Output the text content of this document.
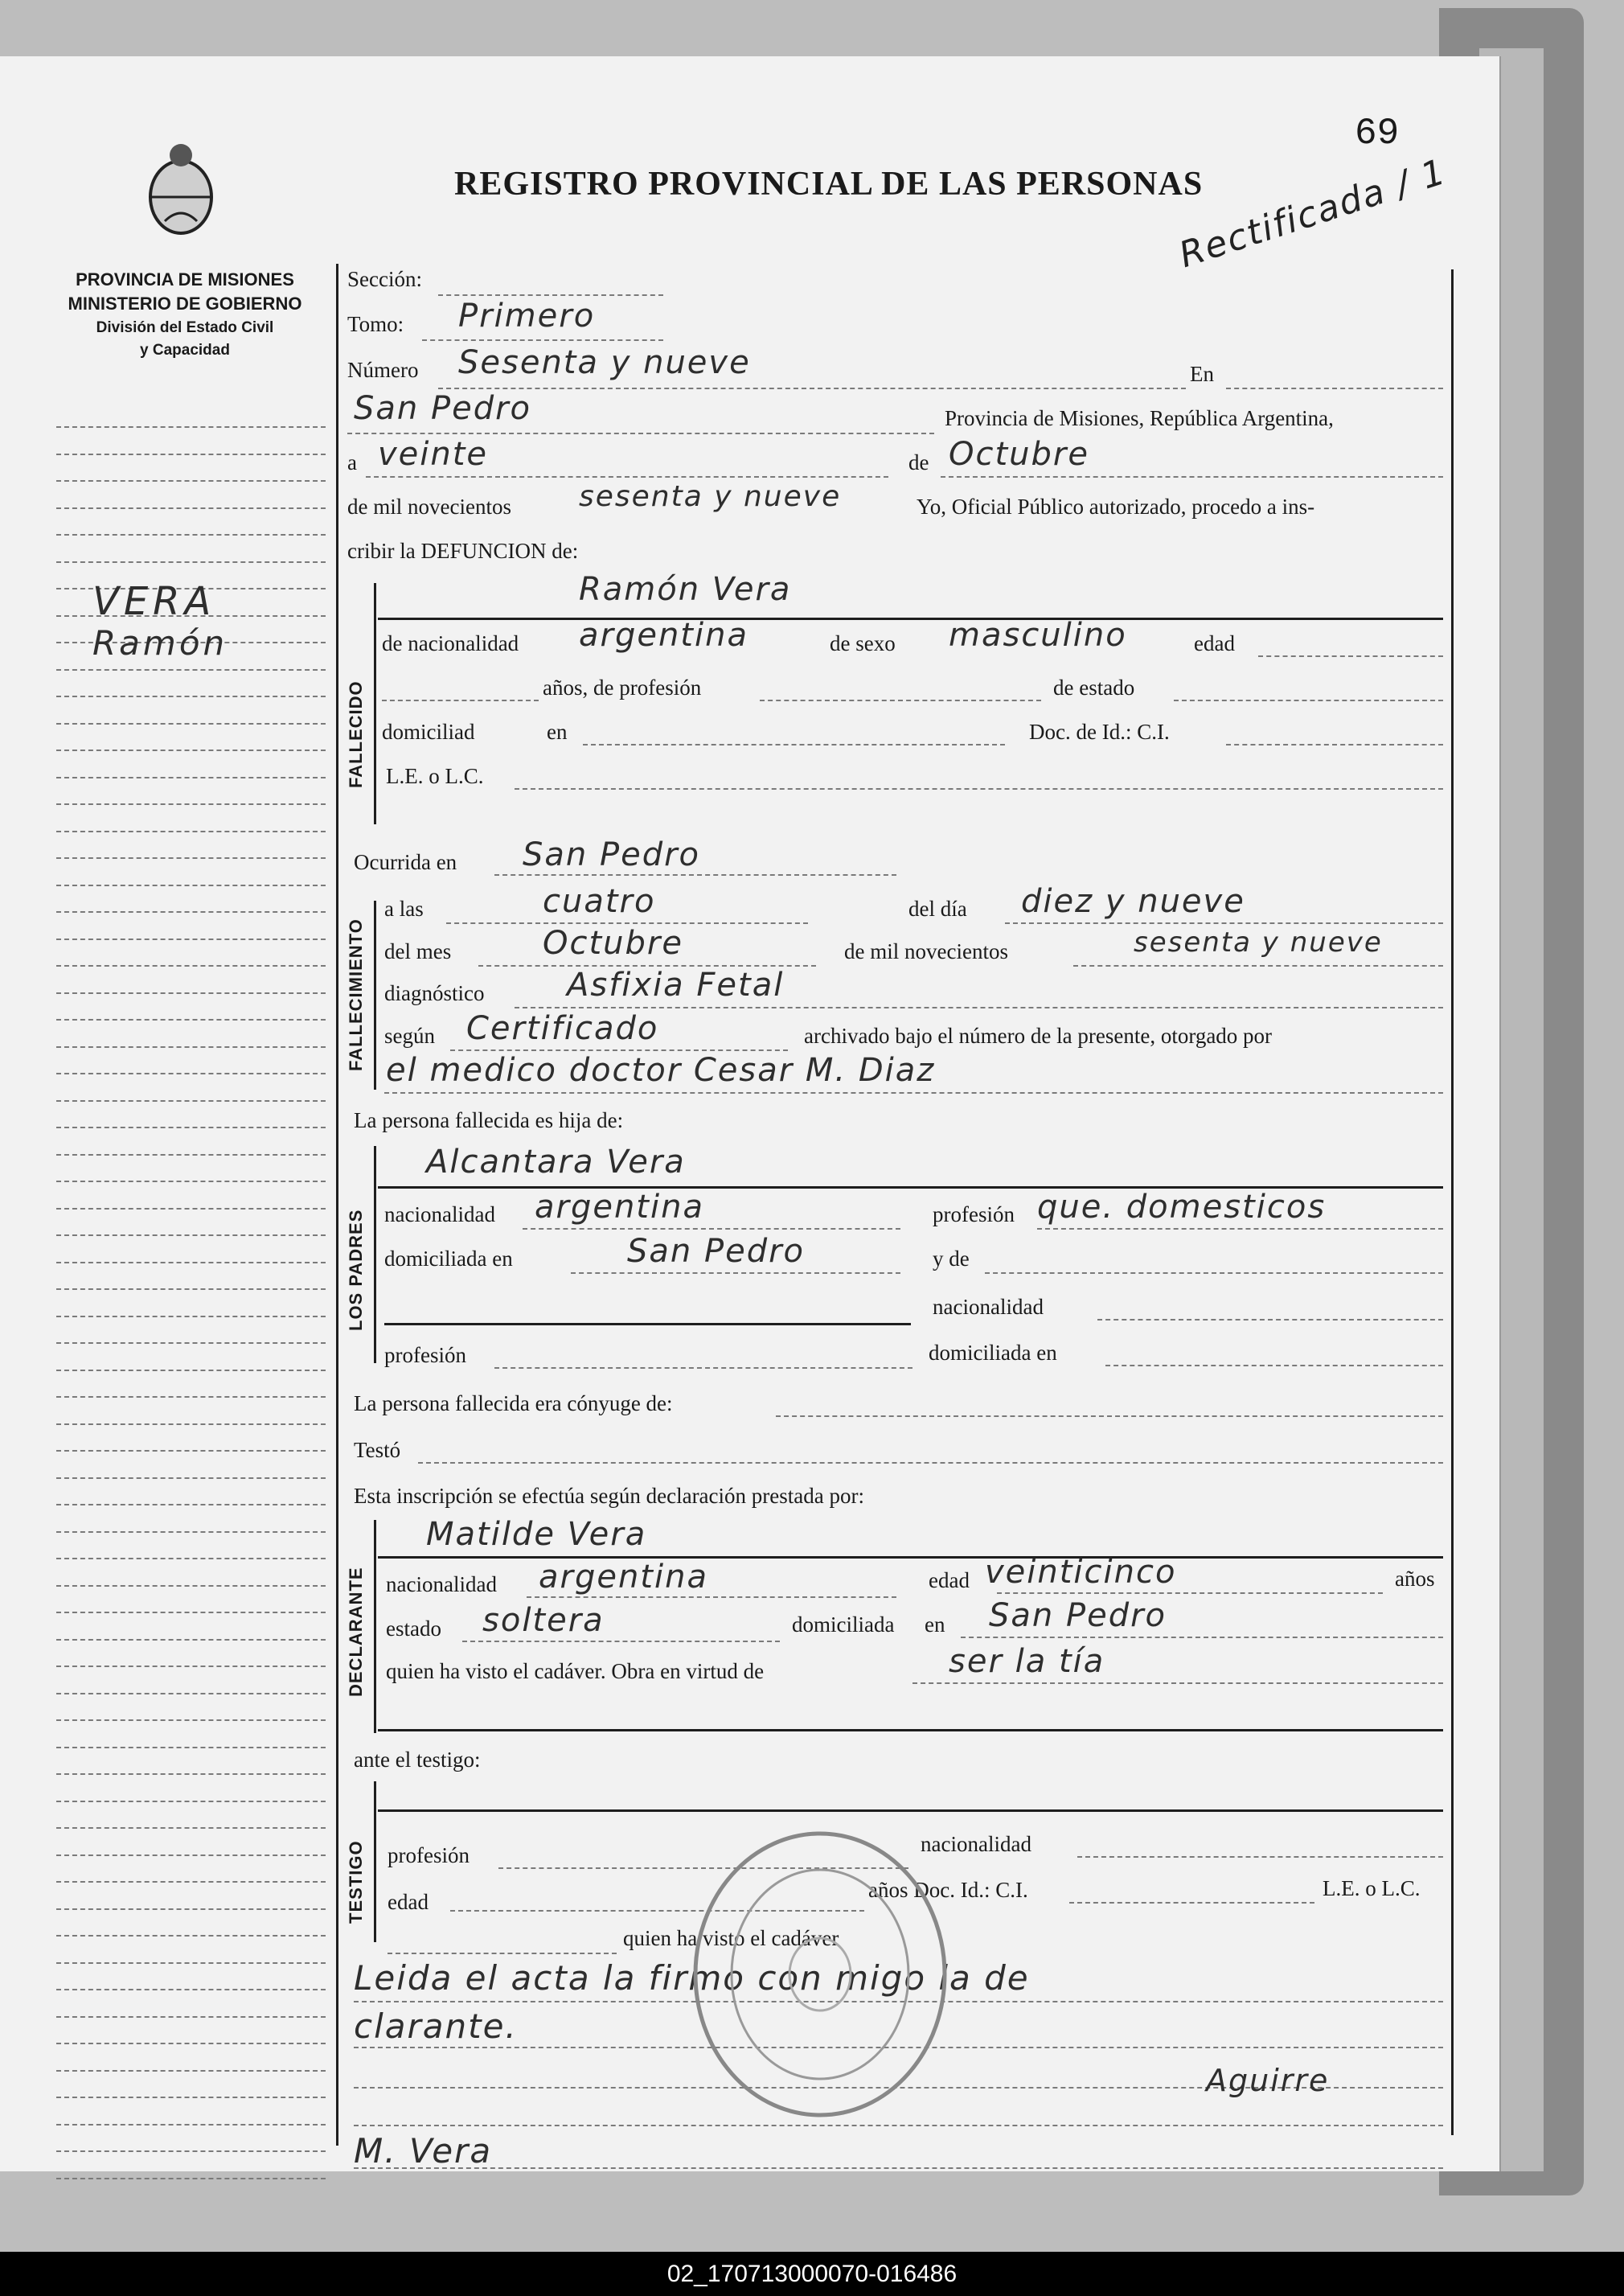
PROVINCIA DE MISIONES
MINISTERIO DE GOBIERNO
División del Estado Civil
y Capacidad
REGISTRO PROVINCIAL DE LAS PERSONAS
69
Rectificada / 1
VERA
Ramón
Sección:
Tomo: Primero
Número Sesenta y nueve	En
San Pedro	Provincia de Misiones, República Argentina,
a veinte	de Octubre
de mil novecientos sesenta y nueve	Yo, Oficial Público autorizado, procedo a ins-
cribir la DEFUNCION de:
FALLECIDO
Ramón Vera
de nacionalidad argentina	de sexo masculino	edad
años, de profesión	de estado
domiciliad	en	Doc. de Id.: C.I.
L.E. o L.C.
Ocurrida en San Pedro
FALLECIMIENTO
a las	cuatro	del día diez y nueve
del mes	Octubre	de mil novecientos	sesenta y nueve
diagnóstico	Asfixia Fetal
según Certificado	archivado bajo el número de la presente, otorgado por
el medico doctor Cesar M. Diaz
La persona fallecida es hija de:
LOS PADRES
Alcantara Vera
nacionalidad argentina	profesión que. domesticos
domiciliada en	San Pedro	y de
nacionalidad
profesión	domiciliada en
La persona fallecida era cónyuge de:
Testó
Esta inscripción se efectúa según declaración prestada por:
DECLARANTE
Matilde Vera
nacionalidad argentina	edad veinticinco	años
estado soltera	domiciliada en San Pedro
quien ha visto el cadáver. Obra en virtud de	ser la tía
ante el testigo:
TESTIGO profesión	nacionalidad
edad	años Doc. Id.: C.I.	L.E. o L.C.
quien ha visto el cadáver
Leida el acta la firmo con migo la de
clarante.
Aguirre
M. Vera
02_170713000070-016486
